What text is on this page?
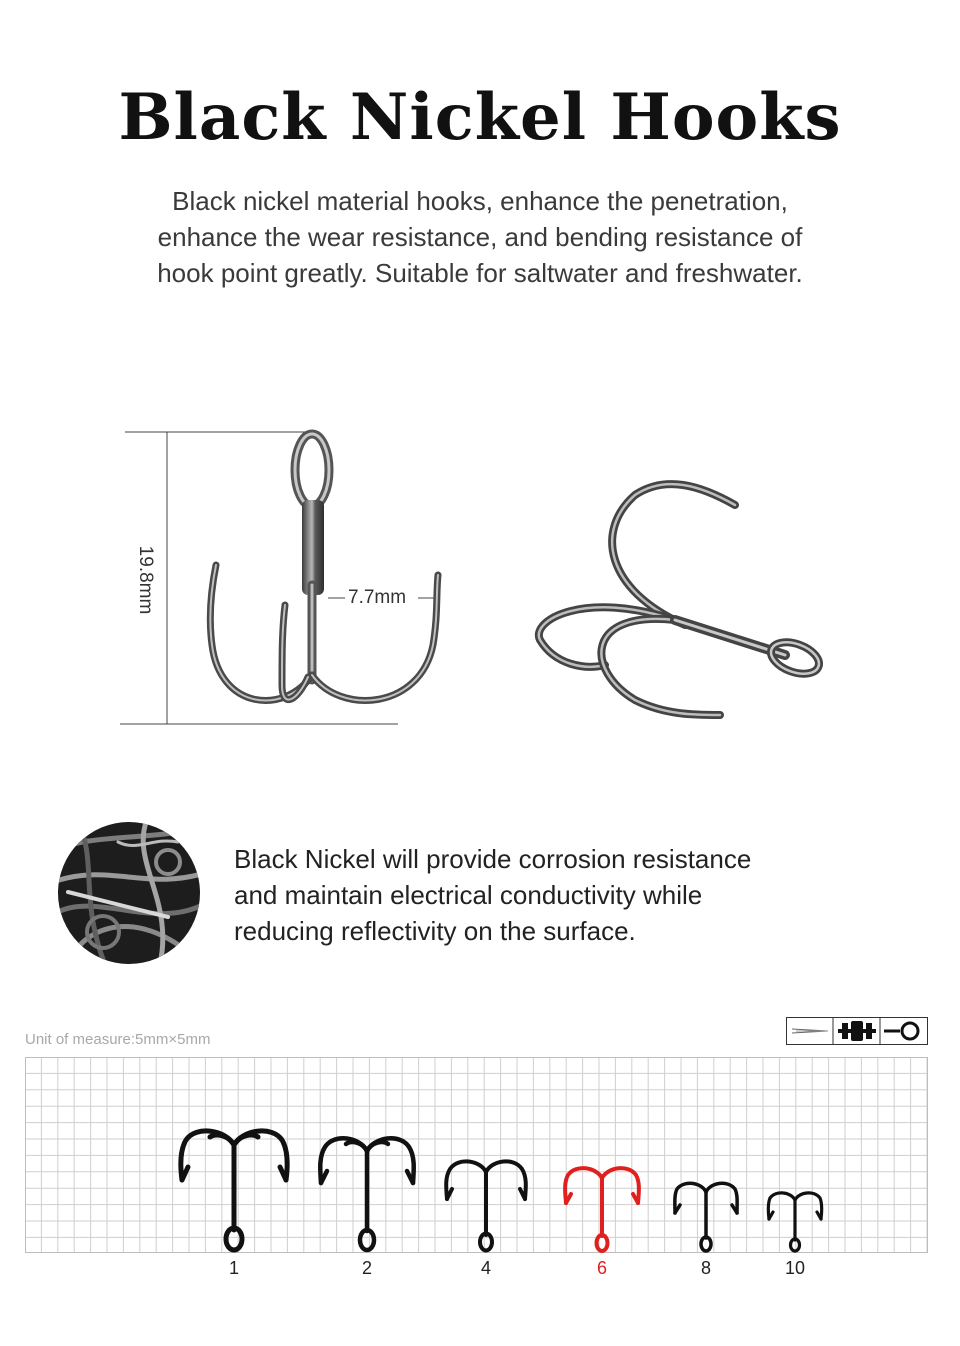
Black Nickel Hooks
Black nickel material hooks, enhance the penetration,
enhance the wear resistance, and bending resistance of
hook point greatly. Suitable for saltwater and freshwater.
19.8mm	7.7mm
Black Nickel will provide corrosion resistance
and maintain electrical conductivity while
reducing reflectivity on the surface.
Unit of measure:5mm×5mm
1	2	4	6	8	10
